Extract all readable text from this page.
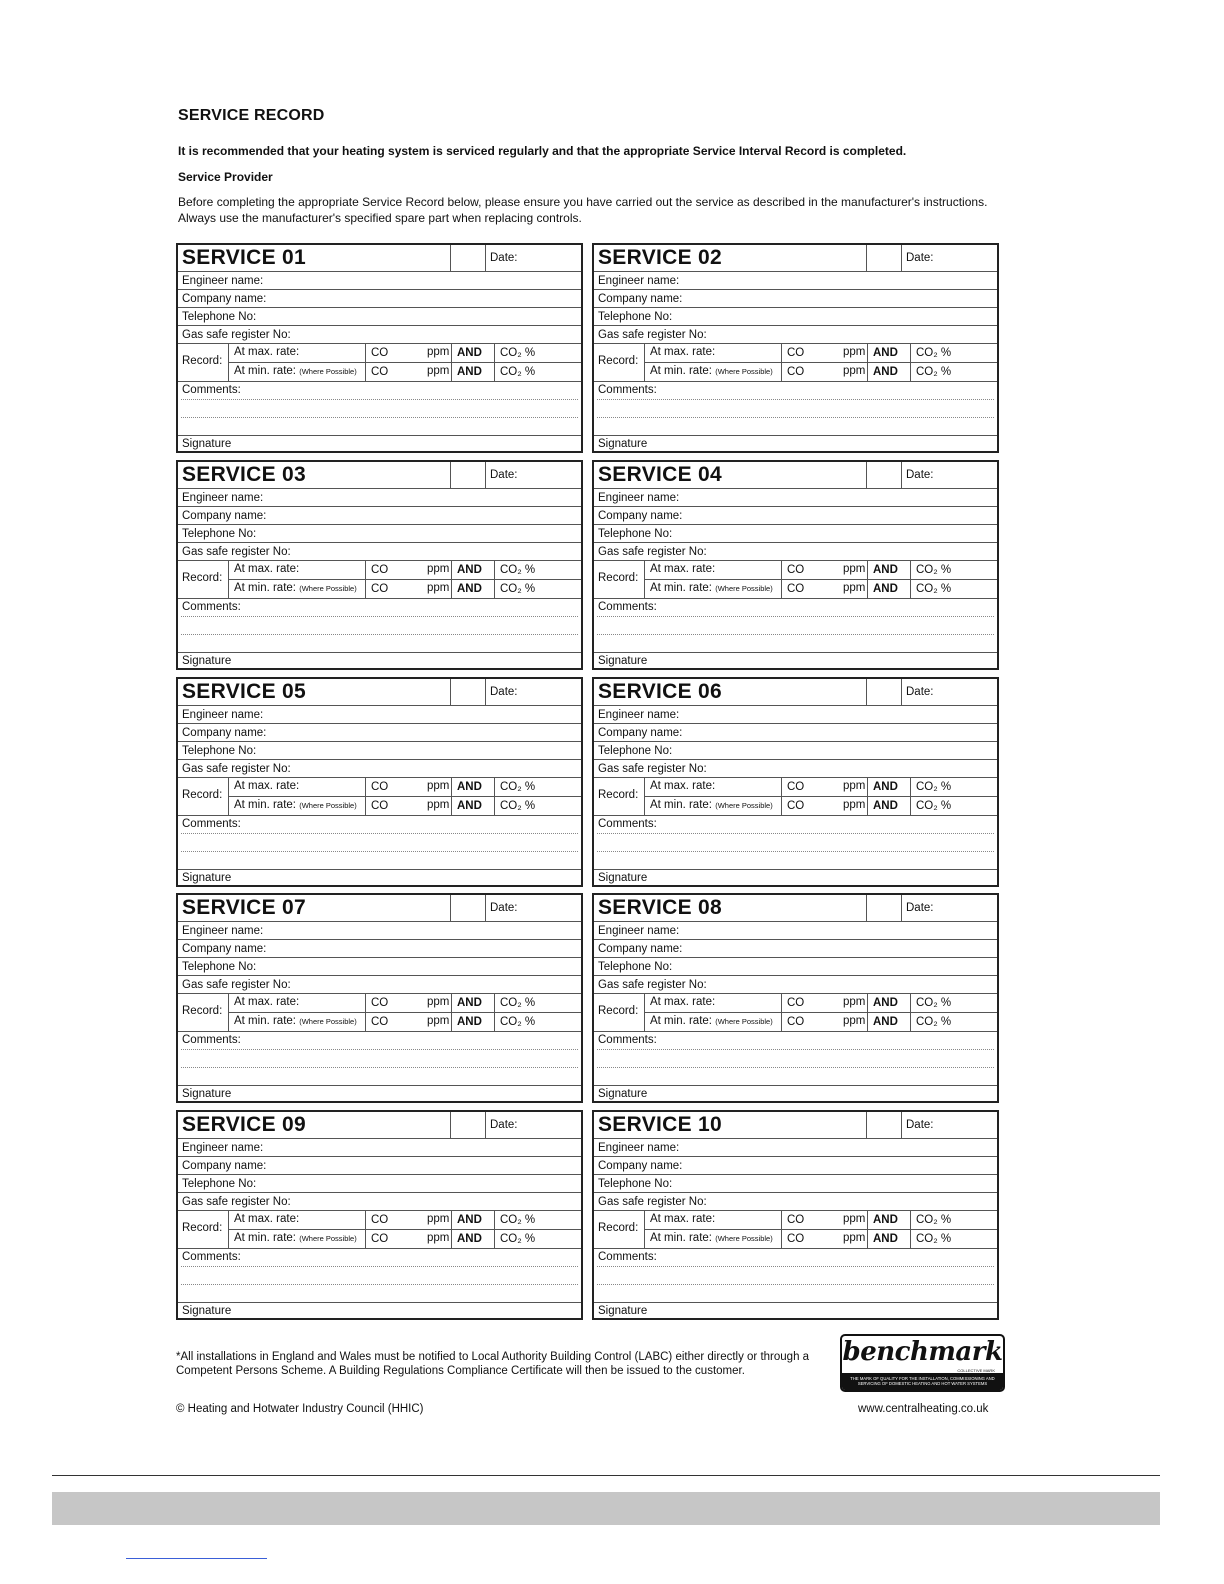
SERVICE RECORD
It is recommended that your heating system is serviced regularly and that the appropriate Service Interval Record is completed.
Service Provider
Before completing the appropriate Service Record below, please ensure you have carried out the service as described in the manufacturer's instructions. Always use the manufacturer's specified spare part when replacing controls.
SERVICE 01	Date:
Engineer name:
Company name:
Telephone No:
Gas safe register No:
Record:
At max. rate:	CO	ppm AND	CO₂ %
At min. rate: (Where Possible)	CO	ppm AND	CO₂ %
Comments:
Signature
SERVICE 02	Date:
Engineer name:
Company name:
Telephone No:
Gas safe register No:
Record:
At max. rate:	CO	ppm AND	CO₂ %
At min. rate: (Where Possible)	CO	ppm AND	CO₂ %
Comments:
Signature
SERVICE 03	Date:
Engineer name:
Company name:
Telephone No:
Gas safe register No:
Record:
At max. rate:	CO	ppm AND	CO₂ %
At min. rate: (Where Possible)	CO	ppm AND	CO₂ %
Comments:
Signature
SERVICE 04	Date:
Engineer name:
Company name:
Telephone No:
Gas safe register No:
Record:
At max. rate:	CO	ppm AND	CO₂ %
At min. rate: (Where Possible)	CO	ppm AND	CO₂ %
Comments:
Signature
SERVICE 05	Date:
Engineer name:
Company name:
Telephone No:
Gas safe register No:
Record:
At max. rate:	CO	ppm AND	CO₂ %
At min. rate: (Where Possible)	CO	ppm AND	CO₂ %
Comments:
Signature
SERVICE 06	Date:
Engineer name:
Company name:
Telephone No:
Gas safe register No:
Record:
At max. rate:	CO	ppm AND	CO₂ %
At min. rate: (Where Possible)	CO	ppm AND	CO₂ %
Comments:
Signature
SERVICE 07	Date:
Engineer name:
Company name:
Telephone No:
Gas safe register No:
Record:
At max. rate:	CO	ppm AND	CO₂ %
At min. rate: (Where Possible)	CO	ppm AND	CO₂ %
Comments:
Signature
SERVICE 08	Date:
Engineer name:
Company name:
Telephone No:
Gas safe register No:
Record:
At max. rate:	CO	ppm AND	CO₂ %
At min. rate: (Where Possible)	CO	ppm AND	CO₂ %
Comments:
Signature
SERVICE 09	Date:
Engineer name:
Company name:
Telephone No:
Gas safe register No:
Record:
At max. rate:	CO	ppm AND	CO₂ %
At min. rate: (Where Possible)	CO	ppm AND	CO₂ %
Comments:
Signature
SERVICE 10	Date:
Engineer name:
Company name:
Telephone No:
Gas safe register No:
Record:
At max. rate:	CO	ppm AND	CO₂ %
At min. rate: (Where Possible)	CO	ppm AND	CO₂ %
Comments:
Signature
*All installations in England and Wales must be notified to Local Authority Building Control (LABC) either directly or through a Competent Persons Scheme. A Building Regulations Compliance Certificate will then be issued to the customer.
© Heating and Hotwater Industry Council (HHIC)	www.centralheating.co.uk
benchmark
COLLECTIVE MARK
THE MARK OF QUALITY FOR THE INSTALLATION, COMMISSIONING AND SERVICING OF DOMESTIC HEATING AND HOT WATER SYSTEMS
